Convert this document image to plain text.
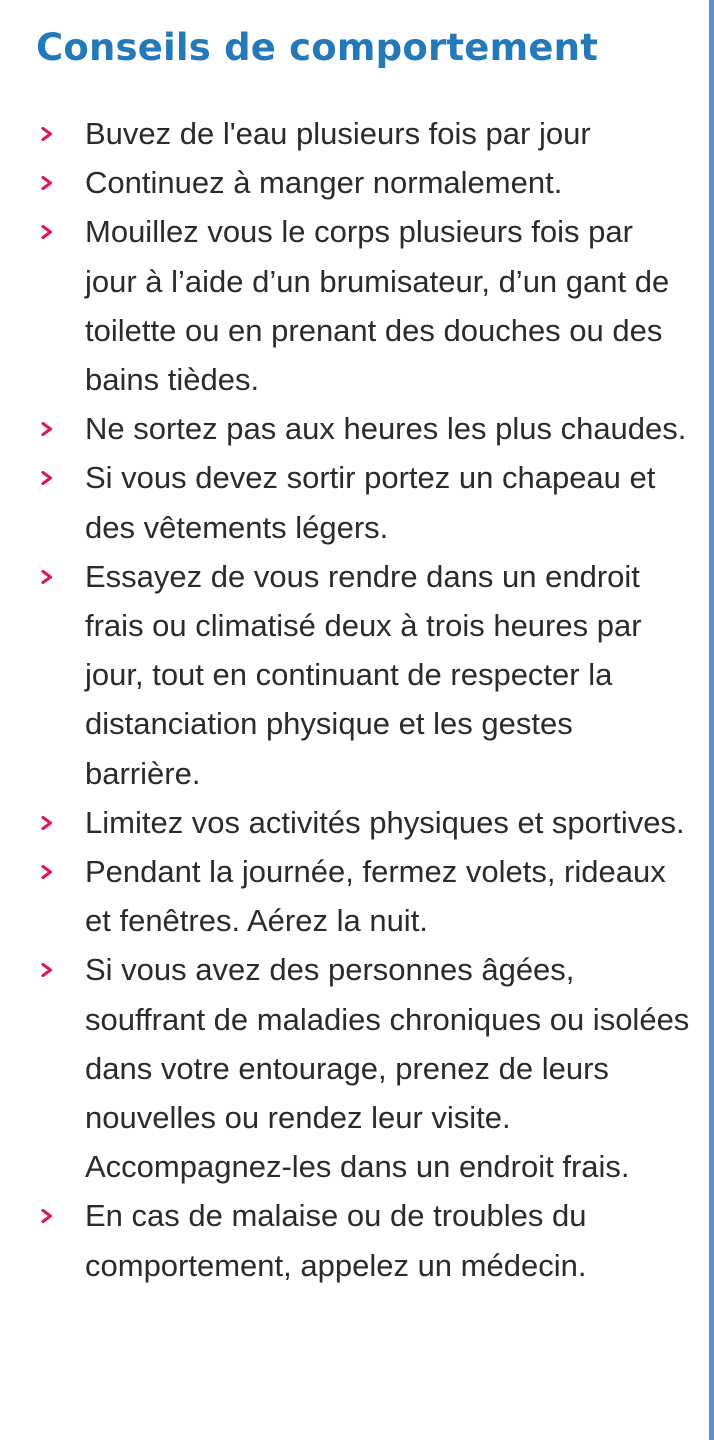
Conseils de comportement
Buvez de l'eau plusieurs fois par jour
Continuez à manger normalement.
Mouillez vous le corps plusieurs fois par jour à l’aide d’un brumisateur, d’un gant de toilette ou en prenant des douches ou des bains tièdes.
Ne sortez pas aux heures les plus chaudes.
Si vous devez sortir portez un chapeau et des vêtements légers.
Essayez de vous rendre dans un endroit frais ou climatisé deux à trois heures par jour, tout en continuant de respecter la distanciation physique et les gestes barrière.
Limitez vos activités physiques et sportives.
Pendant la journée, fermez volets, rideaux et fenêtres. Aérez la nuit.
Si vous avez des personnes âgées, souffrant de maladies chroniques ou isolées dans votre entourage, prenez de leurs nouvelles ou rendez leur visite. Accompagnez-les dans un endroit frais.
En cas de malaise ou de troubles du comportement, appelez un médecin.
